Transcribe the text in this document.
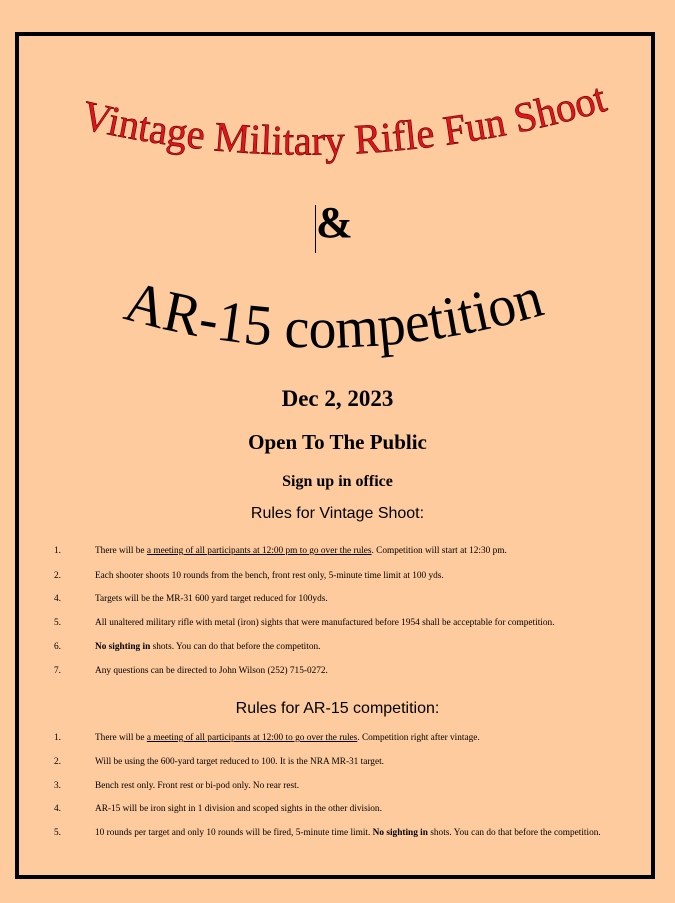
Vintage Military Rifle Fun Shoot
AR-15 competition
&
Dec 2, 2023
Open To The Public
Sign up in office
Rules for Vintage Shoot:
1.	There will be a meeting of all participants at 12:00 pm to go over the rules. Competition will start at 12:30 pm.
2.	Each shooter shoots 10 rounds from the bench, front rest only, 5-minute time limit at 100 yds.
4.	Targets will be the MR-31 600 yard target reduced for 100yds.
5.	All unaltered military rifle with metal (iron) sights that were manufactured before 1954 shall be acceptable for competition.
6.	No sighting in shots. You can do that before the competiton.
7.	Any questions can be directed to John Wilson (252) 715-0272.
Rules for AR-15 competition:
1.	There will be a meeting of all participants at 12:00 to go over the rules. Competition right after vintage.
2.	Will be using the 600-yard target reduced to 100. It is the NRA MR-31 target.
3.	Bench rest only. Front rest or bi-pod only. No rear rest.
4.	AR-15 will be iron sight in 1 division and scoped sights in the other division.
5.	10 rounds per target and only 10 rounds will be fired, 5-minute time limit. No sighting in shots. You can do that before the competition.
